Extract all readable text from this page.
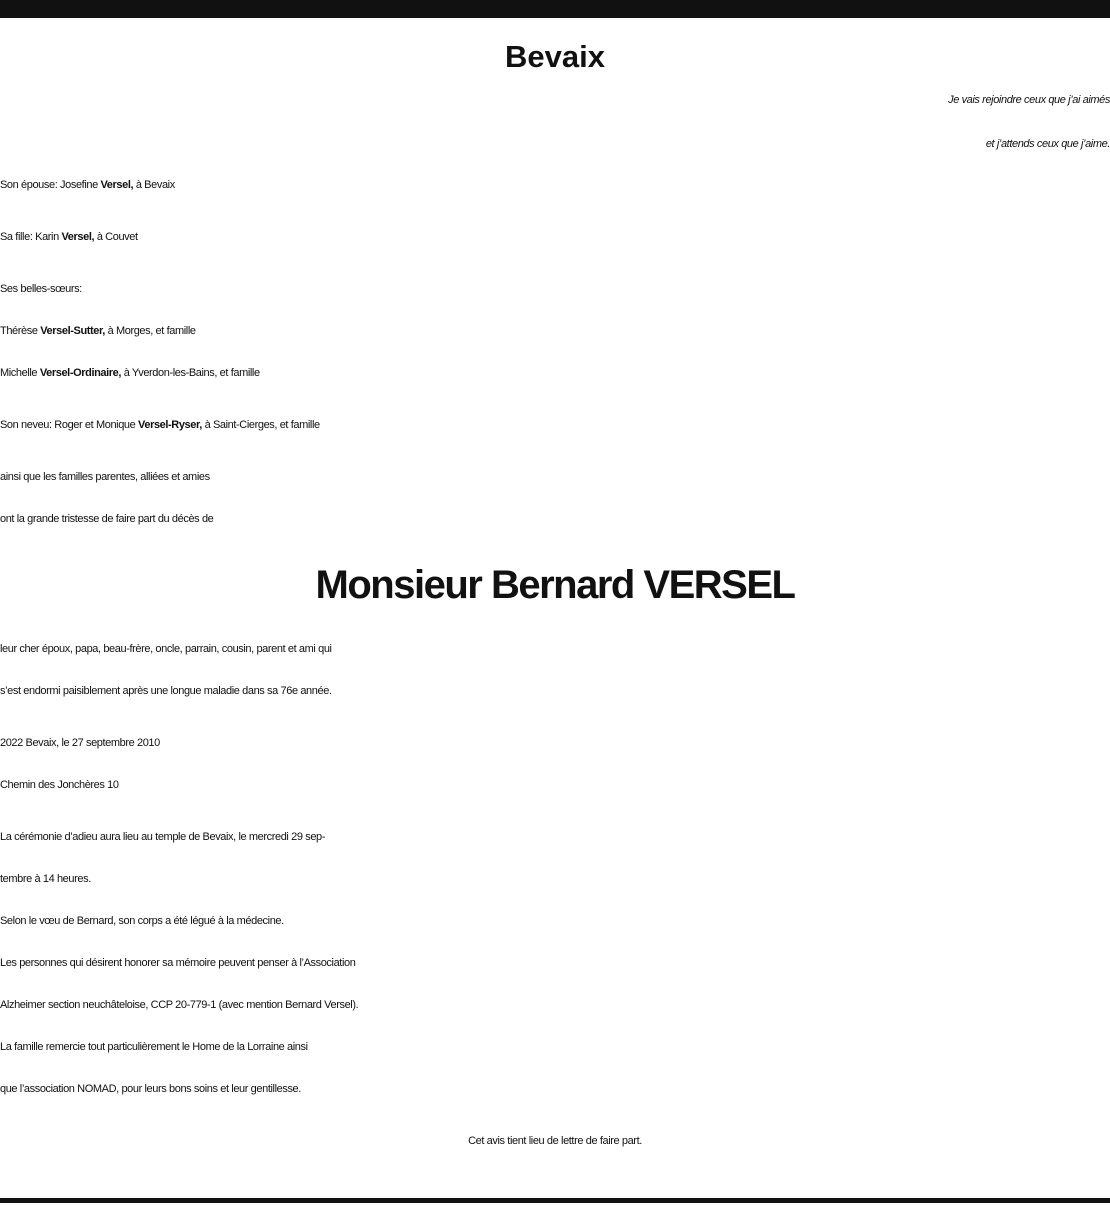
Bevaix
Je vais rejoindre ceux que j’ai aimés
et j’attends ceux que j’aime.
Son épouse: Josefine Versel, à Bevaix
Sa fille: Karin Versel, à Couvet
Ses belles-sœurs:
Thérèse Versel-Sutter, à Morges, et famille
Michelle Versel-Ordinaire, à Yverdon-les-Bains, et famille
Son neveu: Roger et Monique Versel-Ryser, à Saint-Cierges, et famille
ainsi que les familles parentes, alliées et amies
ont la grande tristesse de faire part du décès de
Monsieur Bernard VERSEL
leur cher époux, papa, beau-frère, oncle, parrain, cousin, parent et ami qui
s’est endormi paisiblement après une longue maladie dans sa 76e année.
2022 Bevaix, le 27 septembre 2010
Chemin des Jonchères 10
La cérémonie d’adieu aura lieu au temple de Bevaix, le mercredi 29 sep-
tembre à 14 heures.
Selon le vœu de Bernard, son corps a été légué à la médecine.
Les personnes qui désirent honorer sa mémoire peuvent penser à l’Association
Alzheimer section neuchâteloise, CCP 20-779-1 (avec mention Bernard Versel).
La famille remercie tout particulièrement le Home de la Lorraine ainsi
que l’association NOMAD, pour leurs bons soins et leur gentillesse.
Cet avis tient lieu de lettre de faire part.
